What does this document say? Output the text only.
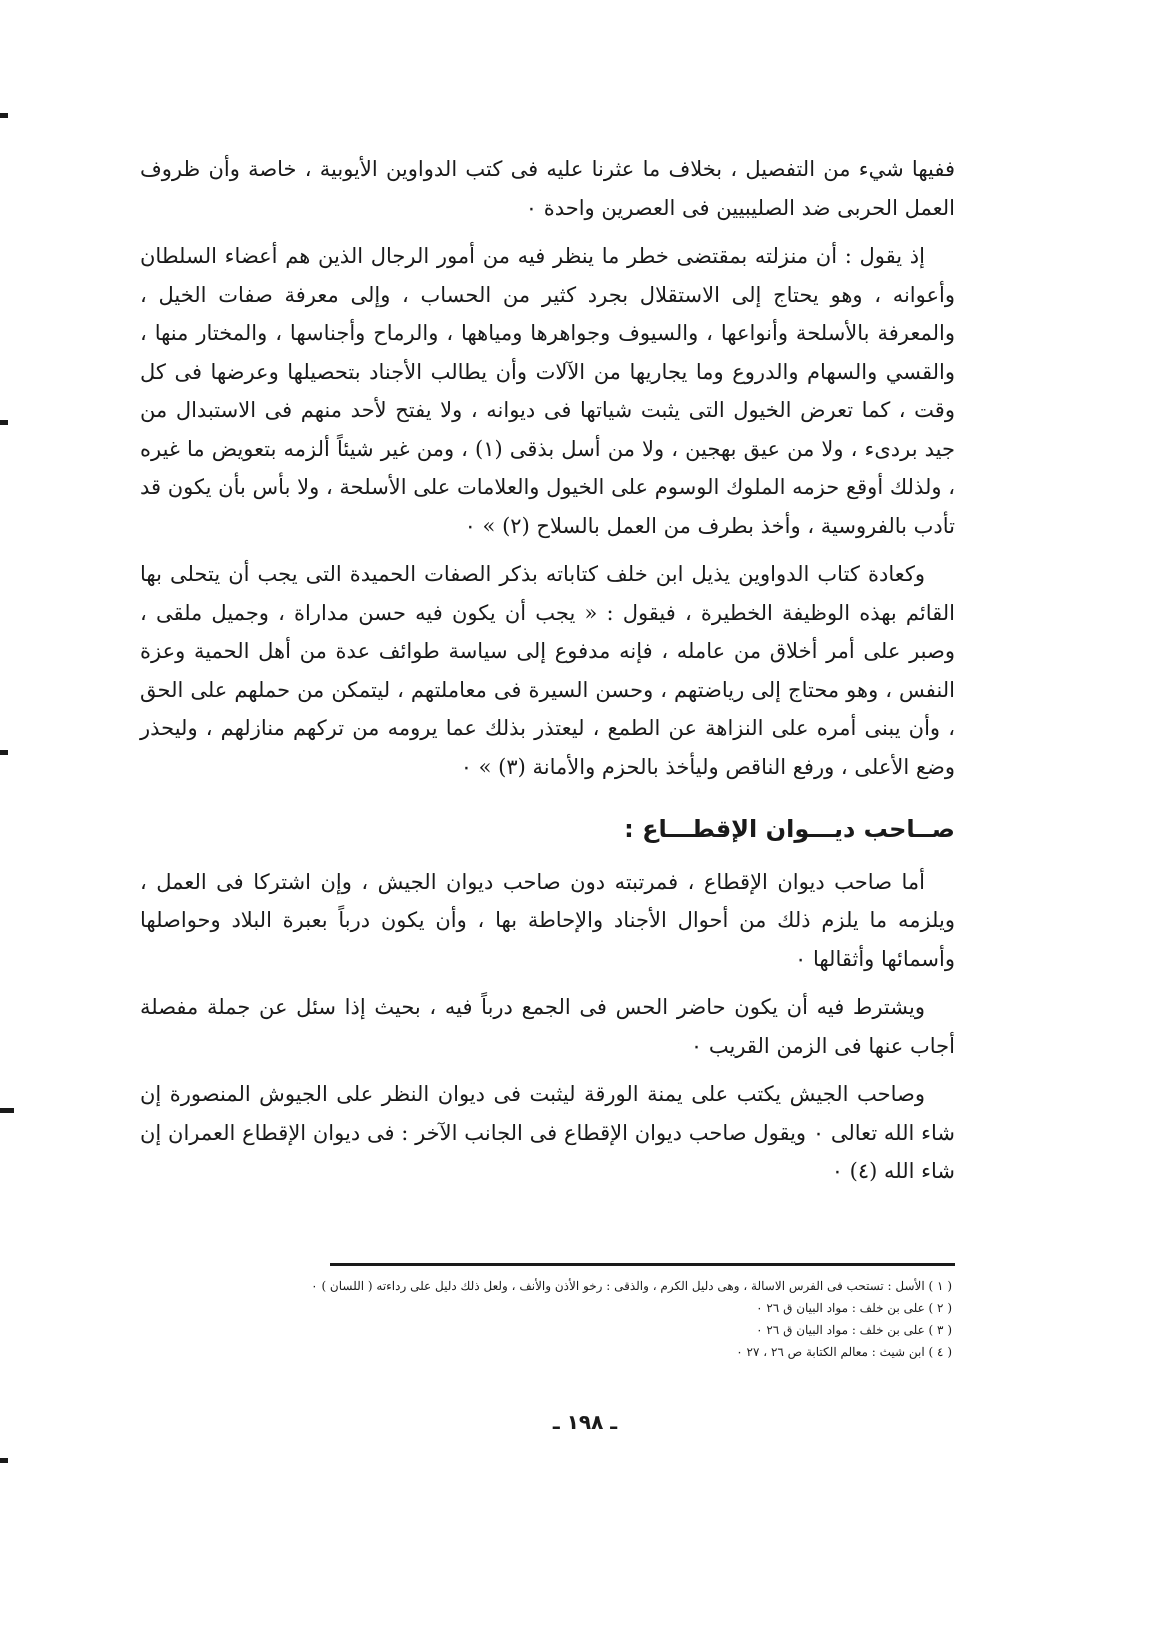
ففيها شيء من التفصيل ، بخلاف ما عثرنا عليه فى كتب الدواوين الأيوبية ، خاصة وأن ظروف العمل الحربى ضد الصليبيين فى العصرين واحدة ٠

إذ يقول : أن منزلته بمقتضى خطر ما ينظر فيه من أمور الرجال الذين هم أعضاء السلطان وأعوانه ، وهو يحتاج إلى الاستقلال بجرد كثير من الحساب ، وإلى معرفة صفات الخيل ، والمعرفة بالأسلحة وأنواعها ، والسيوف وجواهرها ومياهها ، والرماح وأجناسها ، والمختار منها ، والقسي والسهام والدروع وما يجاريها من الآلات وأن يطالب الأجناد بتحصيلها وعرضها فى كل وقت ، كما تعرض الخيول التى يثبت شياتها فى ديوانه ، ولا يفتح لأحد منهم فى الاستبدال من جيد بردىء ، ولا من عيق بهجين ، ولا من أسل بذقى (١) ، ومن غير شيئاً ألزمه بتعويض ما غيره ، ولذلك أوقع حزمه الملوك الوسوم على الخيول والعلامات على الأسلحة ، ولا بأس بأن يكون قد تأدب بالفروسية ، وأخذ بطرف من العمل بالسلاح (٢) » ٠

وكعادة كتاب الدواوين يذيل ابن خلف كتاباته بذكر الصفات الحميدة التى يجب أن يتحلى بها القائم بهذه الوظيفة الخطيرة ، فيقول : « يجب أن يكون فيه حسن مداراة ، وجميل ملقى ، وصبر على أمر أخلاق من عامله ، فإنه مدفوع إلى سياسة طوائف عدة من أهل الحمية وعزة النفس ، وهو محتاج إلى رياضتهم ، وحسن السيرة فى معاملتهم ، ليتمكن من حملهم على الحق ، وأن يبنى أمره على النزاهة عن الطمع ، ليعتذر بذلك عما يرومه من تركهم منازلهم ، وليحذر وضع الأعلى ، ورفع الناقص وليأخذ بالحزم والأمانة (٣) » ٠

صــاحب ديـــوان الإقطـــاع :

أما صاحب ديوان الإقطاع ، فمرتبته دون صاحب ديوان الجيش ، وإن اشتركا فى العمل ، ويلزمه ما يلزم ذلك من أحوال الأجناد والإحاطة بها ، وأن يكون درباً بعبرة البلاد وحواصلها وأسمائها وأثقالها ٠

ويشترط فيه أن يكون حاضر الحس فى الجمع درباً فيه ، بحيث إذا سئل عن جملة مفصلة أجاب عنها فى الزمن القريب ٠

وصاحب الجيش يكتب على يمنة الورقة ليثبت فى ديوان النظر على الجيوش المنصورة إن شاء الله تعالى ٠ ويقول صاحب ديوان الإقطاع فى الجانب الآخر : فى ديوان الإقطاع العمران إن شاء الله (٤) ٠

( ١ ) الأسل : تستحب فى الفرس الاسالة ، وهى دليل الكرم ، والذقى : رخو الأذن والأنف ، ولعل ذلك دليل على رداءته ( اللسان ) ٠
( ٢ ) على بن خلف : مواد البيان ق ٢٦ ٠
( ٣ ) على بن خلف : مواد البيان ق ٢٦ ٠
( ٤ ) ابن شيث : معالم الكتابة ص ٢٦ ، ٢٧ ٠
ـ ١٩٨ ـ
